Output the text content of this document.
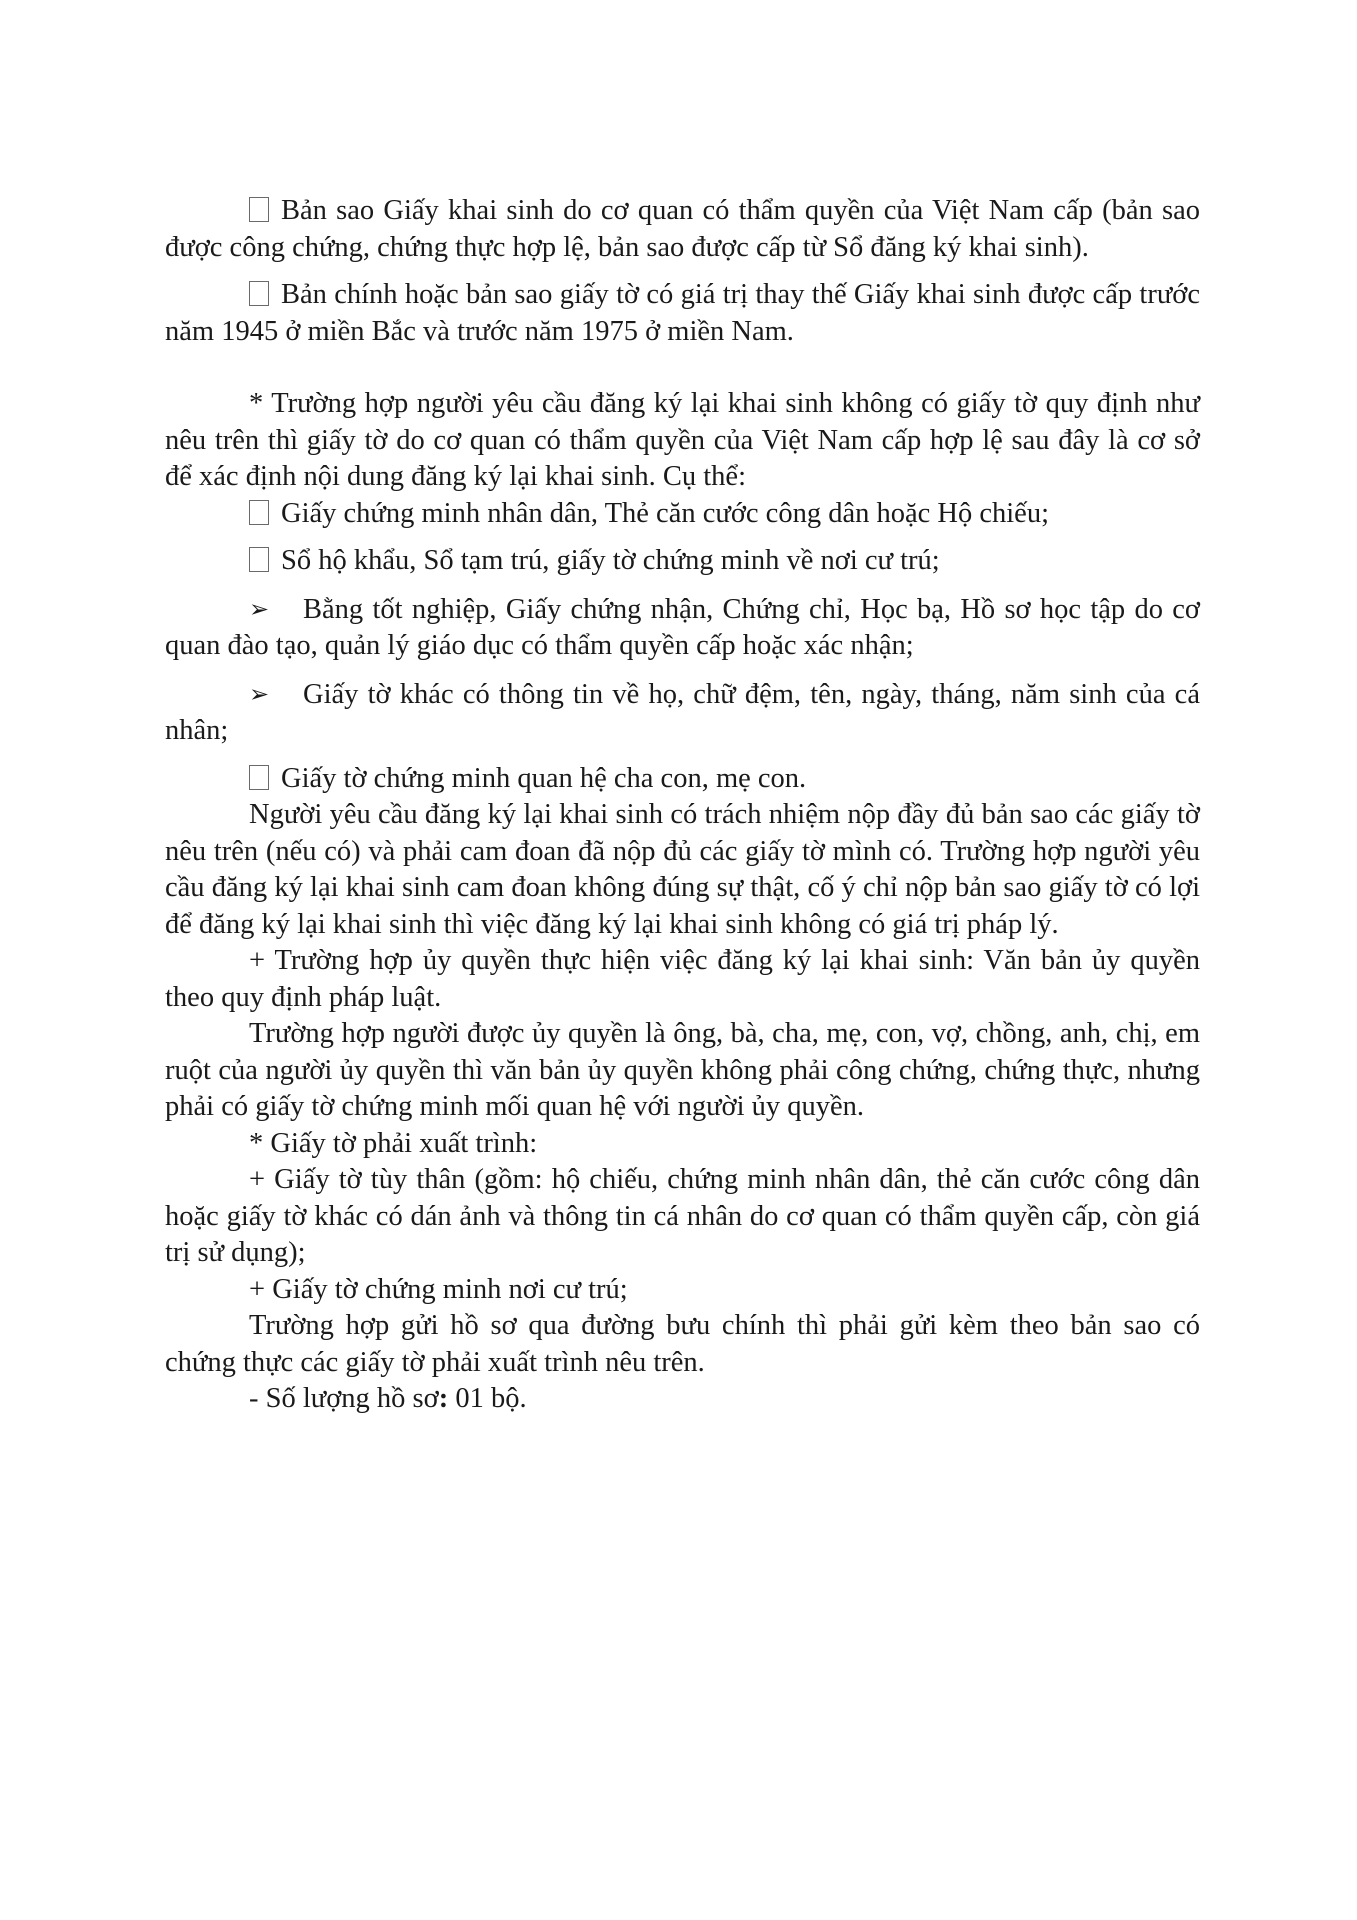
Bản sao Giấy khai sinh do cơ quan có thẩm quyền của Việt Nam cấp (bản sao được công chứng, chứng thực hợp lệ, bản sao được cấp từ Sổ đăng ký khai sinh).

Bản chính hoặc bản sao giấy tờ có giá trị thay thế Giấy khai sinh được cấp trước năm 1945 ở miền Bắc và trước năm 1975 ở miền Nam.

* Trường hợp người yêu cầu đăng ký lại khai sinh không có giấy tờ quy định như nêu trên thì giấy tờ do cơ quan có thẩm quyền của Việt Nam cấp hợp lệ sau đây là cơ sở để xác định nội dung đăng ký lại khai sinh. Cụ thể:

Giấy chứng minh nhân dân, Thẻ căn cước công dân hoặc Hộ chiếu;

Sổ hộ khẩu, Sổ tạm trú, giấy tờ chứng minh về nơi cư trú;

➢ Bằng tốt nghiệp, Giấy chứng nhận, Chứng chỉ, Học bạ, Hồ sơ học tập do cơ quan đào tạo, quản lý giáo dục có thẩm quyền cấp hoặc xác nhận;

➢ Giấy tờ khác có thông tin về họ, chữ đệm, tên, ngày, tháng, năm sinh của cá nhân;

Giấy tờ chứng minh quan hệ cha con, mẹ con.

Người yêu cầu đăng ký lại khai sinh có trách nhiệm nộp đầy đủ bản sao các giấy tờ nêu trên (nếu có) và phải cam đoan đã nộp đủ các giấy tờ mình có. Trường hợp người yêu cầu đăng ký lại khai sinh cam đoan không đúng sự thật, cố ý chỉ nộp bản sao giấy tờ có lợi để đăng ký lại khai sinh thì việc đăng ký lại khai sinh không có giá trị pháp lý.

+ Trường hợp ủy quyền thực hiện việc đăng ký lại khai sinh: Văn bản ủy quyền theo quy định pháp luật.

Trường hợp người được ủy quyền là ông, bà, cha, mẹ, con, vợ, chồng, anh, chị, em ruột của người ủy quyền thì văn bản ủy quyền không phải công chứng, chứng thực, nhưng phải có giấy tờ chứng minh mối quan hệ với người ủy quyền.

* Giấy tờ phải xuất trình:

+ Giấy tờ tùy thân (gồm: hộ chiếu, chứng minh nhân dân, thẻ căn cước công dân hoặc giấy tờ khác có dán ảnh và thông tin cá nhân do cơ quan có thẩm quyền cấp, còn giá trị sử dụng);

+ Giấy tờ chứng minh nơi cư trú;

Trường hợp gửi hồ sơ qua đường bưu chính thì phải gửi kèm theo bản sao có chứng thực các giấy tờ phải xuất trình nêu trên.

- Số lượng hồ sơ: 01 bộ.
